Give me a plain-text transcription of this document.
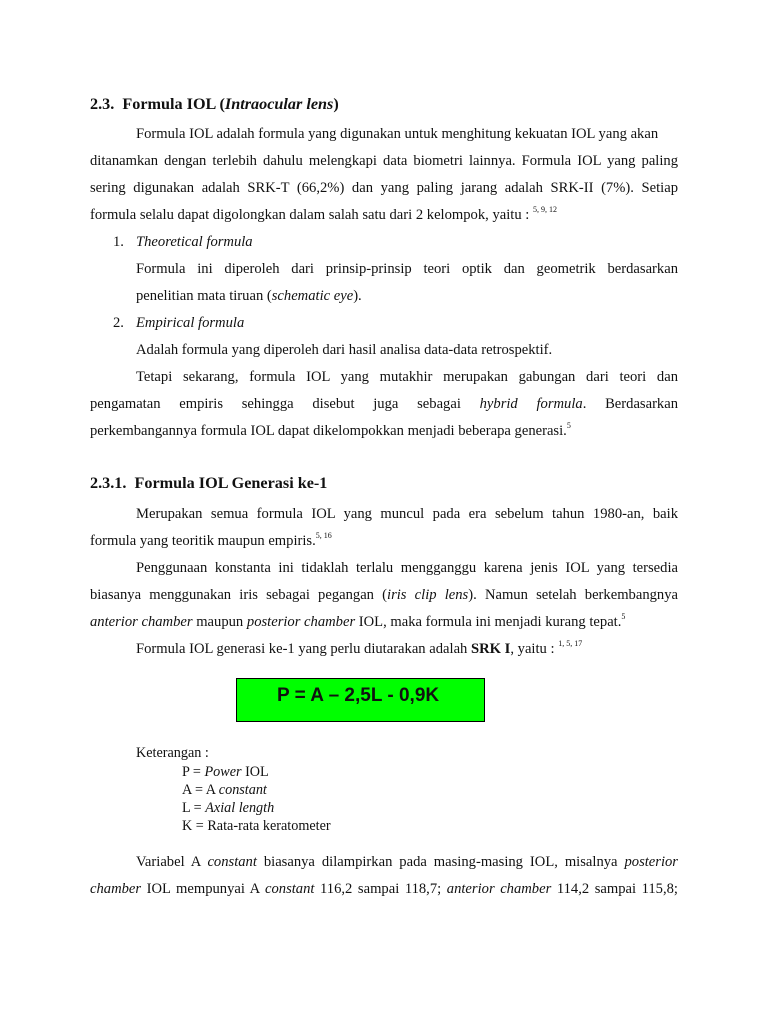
2.3. Formula IOL (Intraocular lens)
Formula IOL adalah formula yang digunakan untuk menghitung kekuatan IOL yang akan
ditanamkan dengan terlebih dahulu melengkapi data biometri lainnya. Formula IOL yang paling
sering digunakan adalah SRK-T (66,2%) dan yang paling jarang adalah SRK-II (7%). Setiap
formula selalu dapat digolongkan dalam salah satu dari 2 kelompok, yaitu : $^{5, 9, 12}$
1. Theoretical formula
Formula ini diperoleh dari prinsip-prinsip teori optik dan geometrik berdasarkan
penelitian mata tiruan (schematic eye).
2. Empirical formula
Adalah formula yang diperoleh dari hasil analisa data-data retrospektif.
Tetapi sekarang, formula IOL yang mutakhir merupakan gabungan dari teori dan
pengamatan empiris sehingga disebut juga sebagai hybrid formula. Berdasarkan
perkembangannya formula IOL dapat dikelompokkan menjadi beberapa generasi.$^5$
2.3.1. Formula IOL Generasi ke-1
Merupakan semua formula IOL yang muncul pada era sebelum tahun 1980-an, baik
formula yang teoritik maupun empiris.$^{5, 16}$
Penggunaan konstanta ini tidaklah terlalu mengganggu karena jenis IOL yang tersedia
biasanya menggunakan iris sebagai pegangan (iris clip lens). Namun setelah berkembangnya
anterior chamber maupun posterior chamber IOL, maka formula ini menjadi kurang tepat.$^5$
Formula IOL generasi ke-1 yang perlu diutarakan adalah SRK I, yaitu : $^{1, 5, 17}$
P = A – 2,5L - 0,9K
Keterangan :
P = Power IOL
A = A constant
L = Axial length
K = Rata-rata keratometer
Variabel A constant biasanya dilampirkan pada masing-masing IOL, misalnya posterior
chamber IOL mempunyai A constant 116,2 sampai 118,7; anterior chamber 114,2 sampai 115,8;
